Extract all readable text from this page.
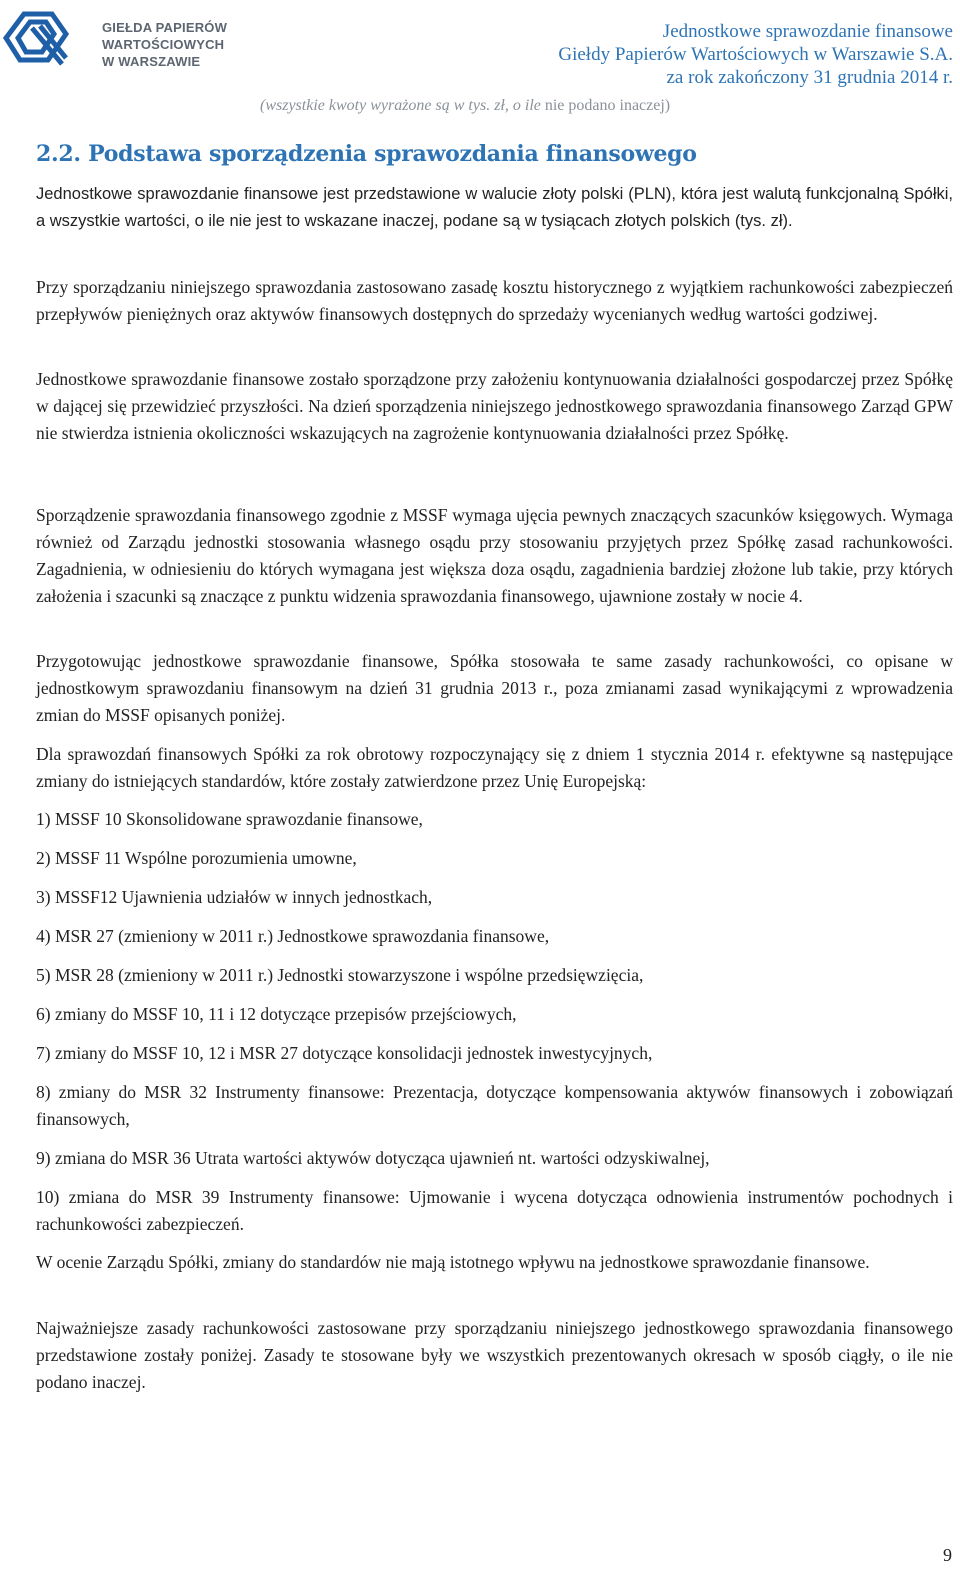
GIEŁDA PAPIERÓW
WARTOŚCIOWYCH
W WARSZAWIE
Jednostkowe sprawozdanie finansowe
Giełdy Papierów Wartościowych w Warszawie S.A.
za rok zakończony 31 grudnia 2014 r.
(wszystkie kwoty wyrażone są w tys. zł, o ile nie podano inaczej)
2.2. Podstawa sporządzenia sprawozdania finansowego
Jednostkowe sprawozdanie finansowe jest przedstawione w walucie złoty polski (PLN), która jest walutą funkcjonalną Spółki, a wszystkie wartości, o ile nie jest to wskazane inaczej, podane są w tysiącach złotych polskich (tys. zł).
Przy sporządzaniu niniejszego sprawozdania zastosowano zasadę kosztu historycznego z wyjątkiem rachunkowości zabezpieczeń przepływów pieniężnych oraz aktywów finansowych dostępnych do sprzedaży wycenianych według wartości godziwej.
Jednostkowe sprawozdanie finansowe zostało sporządzone przy założeniu kontynuowania działalności gospodarczej przez Spółkę w dającej się przewidzieć przyszłości. Na dzień sporządzenia niniejszego jednostkowego sprawozdania finansowego Zarząd GPW nie stwierdza istnienia okoliczności wskazujących na zagrożenie kontynuowania działalności przez Spółkę.
Sporządzenie sprawozdania finansowego zgodnie z MSSF wymaga ujęcia pewnych znaczących szacunków księgowych. Wymaga również od Zarządu jednostki stosowania własnego osądu przy stosowaniu przyjętych przez Spółkę zasad rachunkowości. Zagadnienia, w odniesieniu do których wymagana jest większa doza osądu, zagadnienia bardziej złożone lub takie, przy których założenia i szacunki są znaczące z punktu widzenia sprawozdania finansowego, ujawnione zostały w nocie 4.
Przygotowując jednostkowe sprawozdanie finansowe, Spółka stosowała te same zasady rachunkowości, co opisane w jednostkowym sprawozdaniu finansowym na dzień 31 grudnia 2013 r., poza zmianami zasad wynikającymi z wprowadzenia zmian do MSSF opisanych poniżej.
Dla sprawozdań finansowych Spółki za rok obrotowy rozpoczynający się z dniem 1 stycznia 2014 r. efektywne są następujące zmiany do istniejących standardów, które zostały zatwierdzone przez Unię Europejską:
1) MSSF 10 Skonsolidowane sprawozdanie finansowe,
2) MSSF 11 Wspólne porozumienia umowne,
3) MSSF12 Ujawnienia udziałów w innych jednostkach,
4) MSR 27 (zmieniony w 2011 r.) Jednostkowe sprawozdania finansowe,
5) MSR 28 (zmieniony w 2011 r.) Jednostki stowarzyszone i wspólne przedsięwzięcia,
6) zmiany do MSSF 10, 11 i 12 dotyczące przepisów przejściowych,
7) zmiany do MSSF 10, 12 i MSR 27 dotyczące konsolidacji jednostek inwestycyjnych,
8) zmiany do MSR 32 Instrumenty finansowe: Prezentacja, dotyczące kompensowania aktywów finansowych i zobowiązań finansowych,
9) zmiana do MSR 36 Utrata wartości aktywów dotycząca ujawnień nt. wartości odzyskiwalnej,
10) zmiana do MSR 39 Instrumenty finansowe: Ujmowanie i wycena dotycząca odnowienia instrumentów pochodnych i rachunkowości zabezpieczeń.
W ocenie Zarządu Spółki, zmiany do standardów nie mają istotnego wpływu na jednostkowe sprawozdanie finansowe.
Najważniejsze zasady rachunkowości zastosowane przy sporządzaniu niniejszego jednostkowego sprawozdania finansowego przedstawione zostały poniżej. Zasady te stosowane były we wszystkich prezentowanych okresach w sposób ciągły, o ile nie podano inaczej.
9
